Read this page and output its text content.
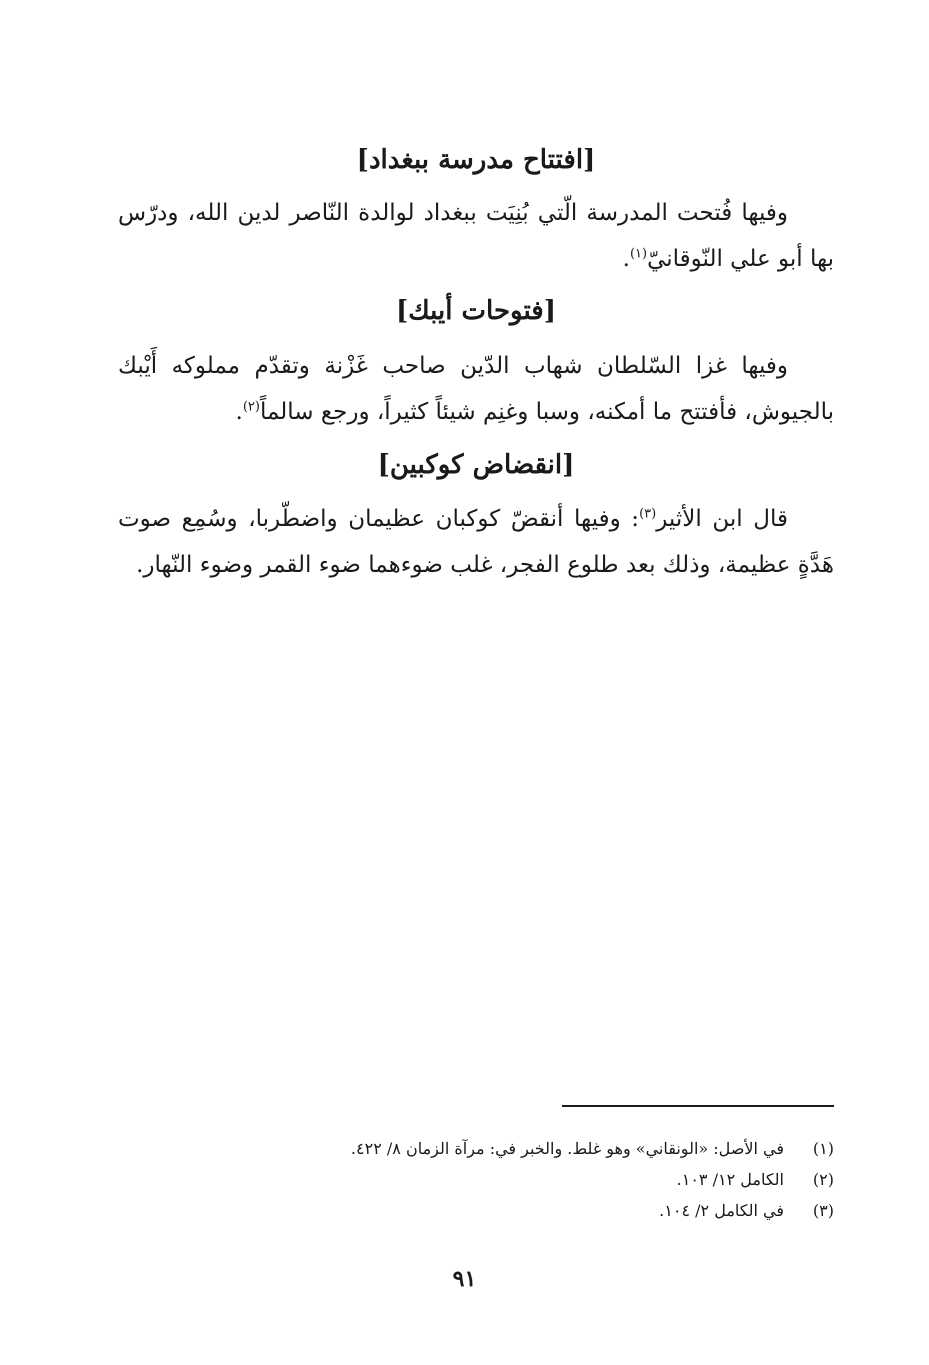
[افتتاح مدرسة ببغداد]

وفيها فُتحت المدرسة الّتي بُنِيَت ببغداد لوالدة النّاصر لدين الله، ودرّس بها أبو علي النّوقانيّ$^{(١)}$.

[فتوحات أيبك]

وفيها غزا السّلطان شهاب الدّين صاحب غَزْنة وتقدّم مملوكه أَيْبك بالجيوش، فأفتتح ما أمكنه، وسبا وغنِم شيئاً كثيراً، ورجع سالماً$^{(٢)}$.

[انقضاض كوكبين]

قال ابن الأثير$^{(٣)}$: وفيها أنقضّ كوكبان عظيمان واضطّربا، وسُمِع صوت هَدَّةٍ عظيمة، وذلك بعد طلوع الفجر، غلب ضوءهما ضوء القمر وضوء النّهار.

(١)
في الأصل: «الونقاني» وهو غلط. والخبر في: مرآة الزمان ٨/ ٤٢٢.
(٢)
الكامل ١٢/ ١٠٣.
(٣)
في الكامل ٢/ ١٠٤.
٩١
